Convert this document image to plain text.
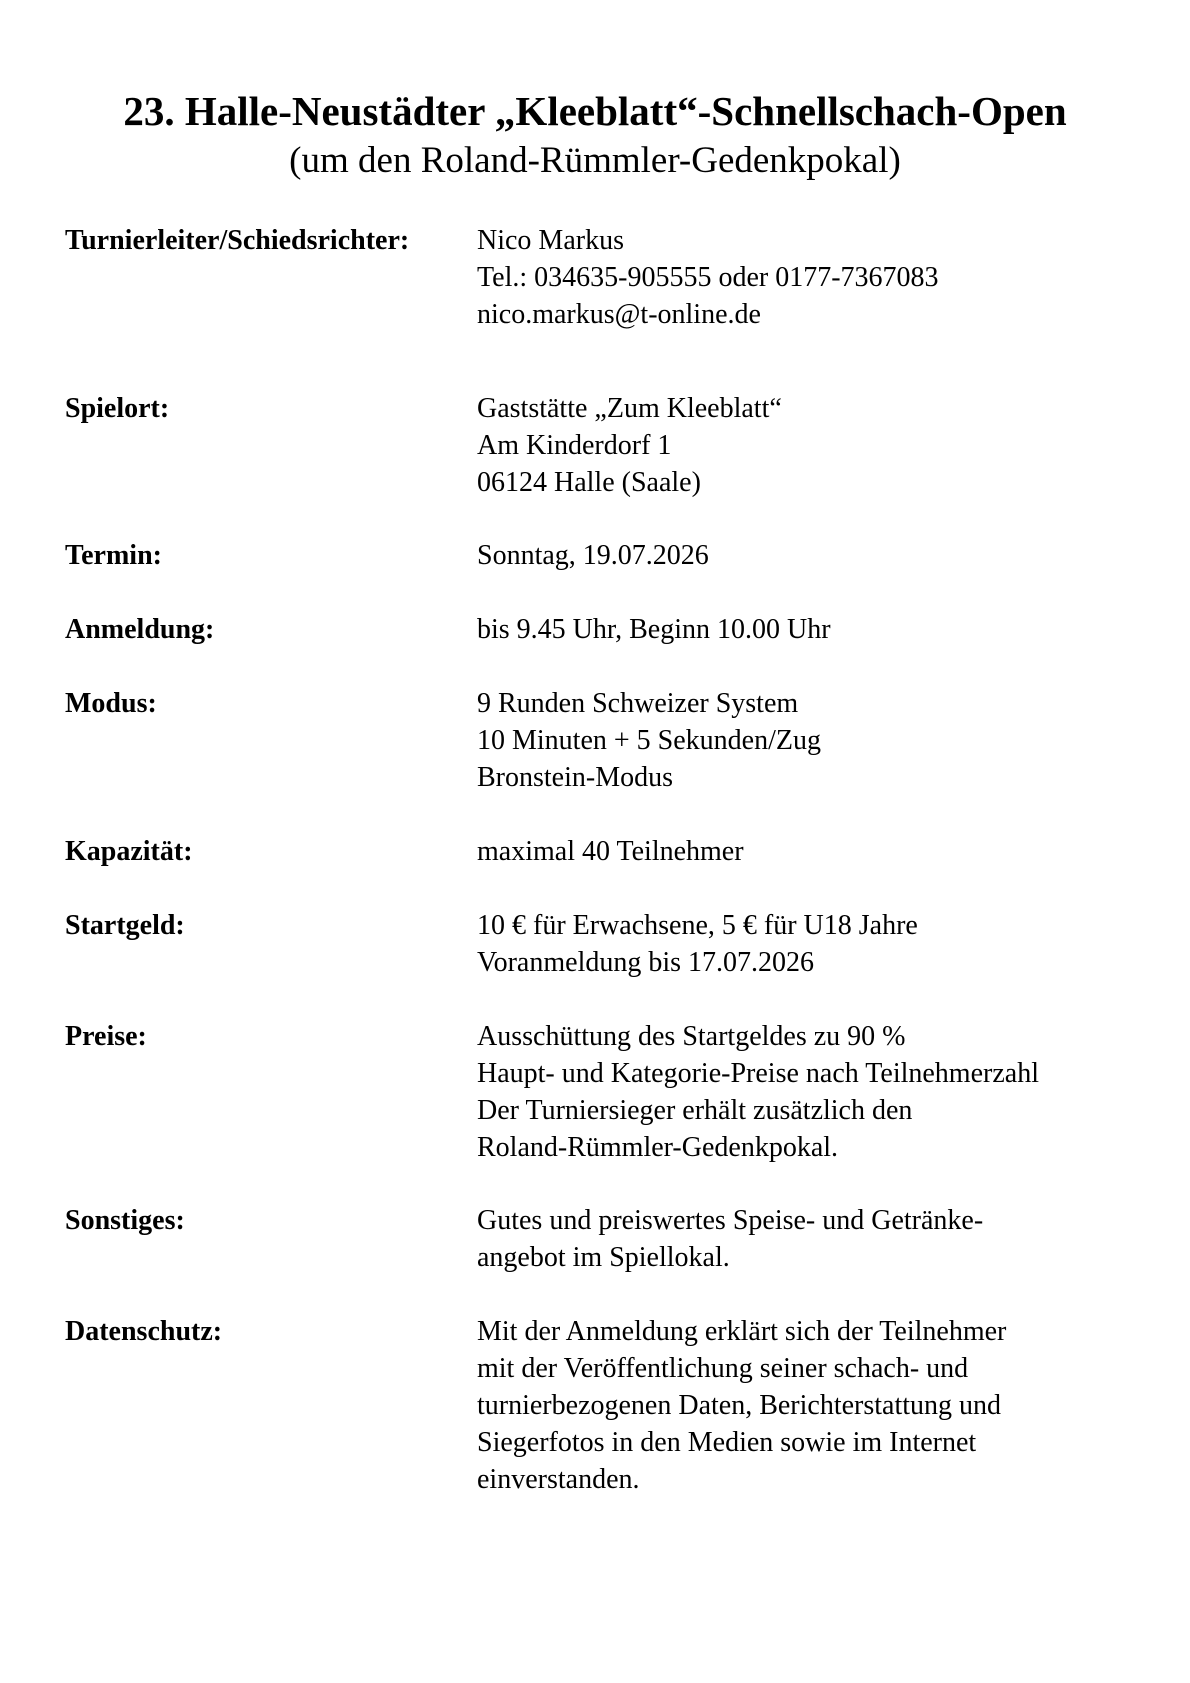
23. Halle-Neustädter „Kleeblatt“-Schnellschach-Open
(um den Roland-Rümmler-Gedenkpokal)
Turnierleiter/Schiedsrichter: Nico Markus
Tel.: 034635-905555 oder 0177-7367083
nico.markus@t-online.de
Spielort:	Gaststätte „Zum Kleeblatt“
Am Kinderdorf 1
06124 Halle (Saale)
Termin:	Sonntag, 19.07.2026
Anmeldung:	bis 9.45 Uhr, Beginn 10.00 Uhr
Modus:	9 Runden Schweizer System
10 Minuten + 5 Sekunden/Zug
Bronstein-Modus
Kapazität:	maximal 40 Teilnehmer
Startgeld:	10 € für Erwachsene, 5 € für U18 Jahre
Voranmeldung bis 17.07.2026
Preise:	Ausschüttung des Startgeldes zu 90 %
Haupt- und Kategorie-Preise nach Teilnehmerzahl
Der Turniersieger erhält zusätzlich den
Roland-Rümmler-Gedenkpokal.
Sonstiges:	Gutes und preiswertes Speise- und Getränke-
angebot im Spiellokal.
Datenschutz:	Mit der Anmeldung erklärt sich der Teilnehmer
mit der Veröffentlichung seiner schach- und
turnierbezogenen Daten, Berichterstattung und
Siegerfotos in den Medien sowie im Internet
einverstanden.
